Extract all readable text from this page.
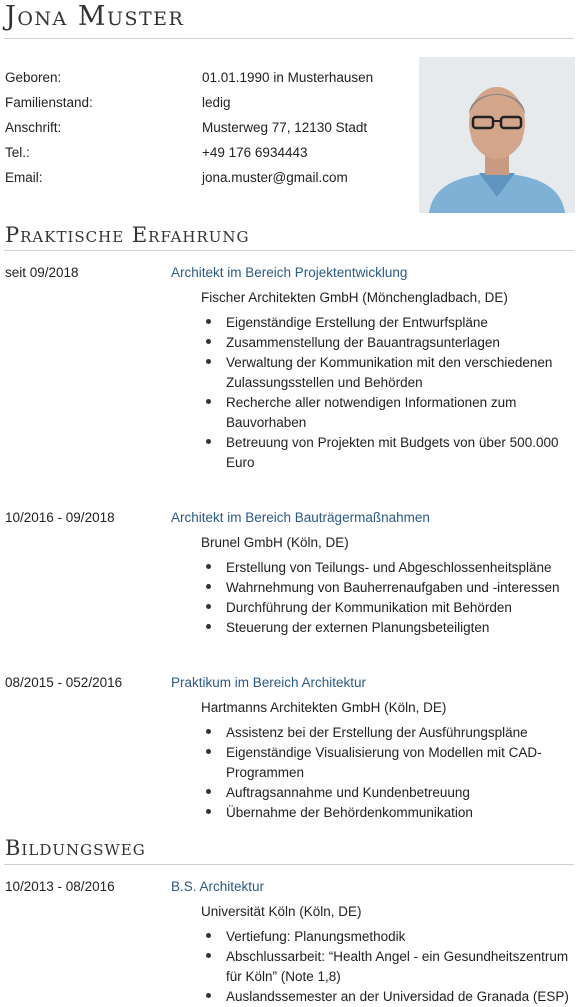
Jona Muster
Geboren:	01.01.1990 in Musterhausen
Familienstand:	ledig
Anschrift:	Musterweg 77, 12130 Stadt
Tel.:	+49 176 6934443
Email:	jona.muster@gmail.com
Praktische Erfahrung
seit 09/2018	Architekt im Bereich Projektentwicklung
Fischer Architekten GmbH (Mönchengladbach, DE)
Eigenständige Erstellung der Entwurfspläne
Zusammenstellung der Bauantragsunterlagen
Verwaltung der Kommunikation mit den verschiedenen Zulassungsstellen und Behörden
Recherche aller notwendigen Informationen zum Bauvorhaben
Betreuung von Projekten mit Budgets von über 500.000 Euro
10/2016 - 09/2018	Architekt im Bereich Bauträgermaßnahmen
Brunel GmbH (Köln, DE)
Erstellung von Teilungs- und Abgeschlossenheitspläne
Wahrnehmung von Bauherrenaufgaben und -interessen
Durchführung der Kommunikation mit Behörden
Steuerung der externen Planungsbeteiligten
08/2015 - 052/2016	Praktikum im Bereich Architektur
Hartmanns Architekten GmbH (Köln, DE)
Assistenz bei der Erstellung der Ausführungspläne
Eigenständige Visualisierung von Modellen mit CAD-Programmen
Auftragsannahme und Kundenbetreuung
Übernahme der Behördenkommunikation
Bildungsweg
10/2013 - 08/2016	B.S. Architektur
Universität Köln (Köln, DE)
Vertiefung: Planungsmethodik
Abschlussarbeit: “Health Angel - ein Gesundheitszentrum für Köln” (Note 1,8)
Auslandssemester an der Universidad de Granada (ESP)
